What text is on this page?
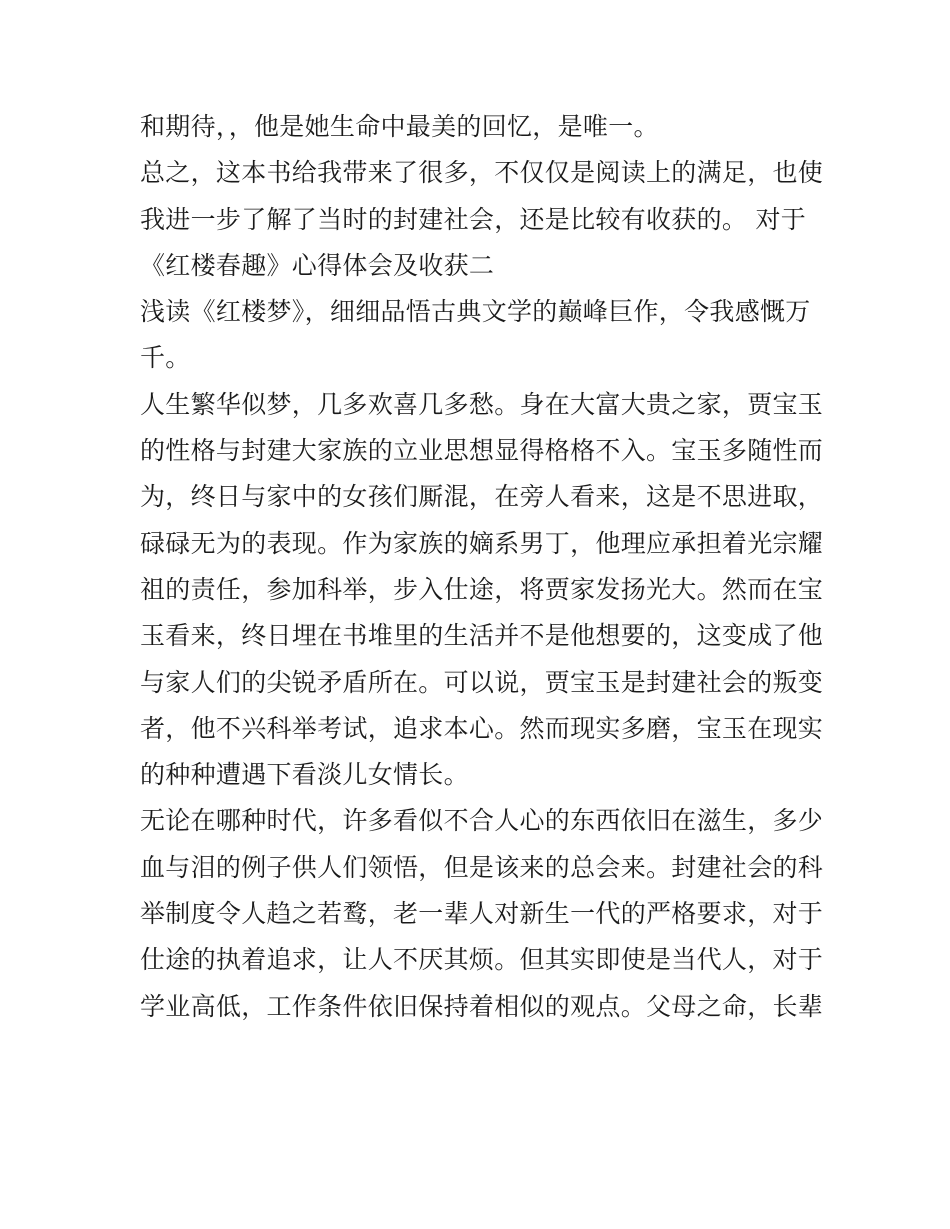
和期待，，他是她生命中最美的回忆，是唯一。
总之，这本书给我带来了很多，不仅仅是阅读上的满足，也使
我进一步了解了当时的封建社会，还是比较有收获的。 对于
《红楼春趣》心得体会及收获二
浅读《红楼梦》，细细品悟古典文学的巅峰巨作，令我感慨万
千。
人生繁华似梦，几多欢喜几多愁。身在大富大贵之家，贾宝玉
的性格与封建大家族的立业思想显得格格不入。宝玉多随性而
为，终日与家中的女孩们厮混，在旁人看来，这是不思进取，
碌碌无为的表现。作为家族的嫡系男丁，他理应承担着光宗耀
祖的责任，参加科举，步入仕途，将贾家发扬光大。然而在宝
玉看来，终日埋在书堆里的生活并不是他想要的，这变成了他
与家人们的尖锐矛盾所在。可以说，贾宝玉是封建社会的叛变
者，他不兴科举考试，追求本心。然而现实多磨，宝玉在现实
的种种遭遇下看淡儿女情长。
无论在哪种时代，许多看似不合人心的东西依旧在滋生，多少
血与泪的例子供人们领悟，但是该来的总会来。封建社会的科
举制度令人趋之若鹜，老一辈人对新生一代的严格要求，对于
仕途的执着追求，让人不厌其烦。但其实即使是当代人，对于
学业高低，工作条件依旧保持着相似的观点。父母之命，长辈
